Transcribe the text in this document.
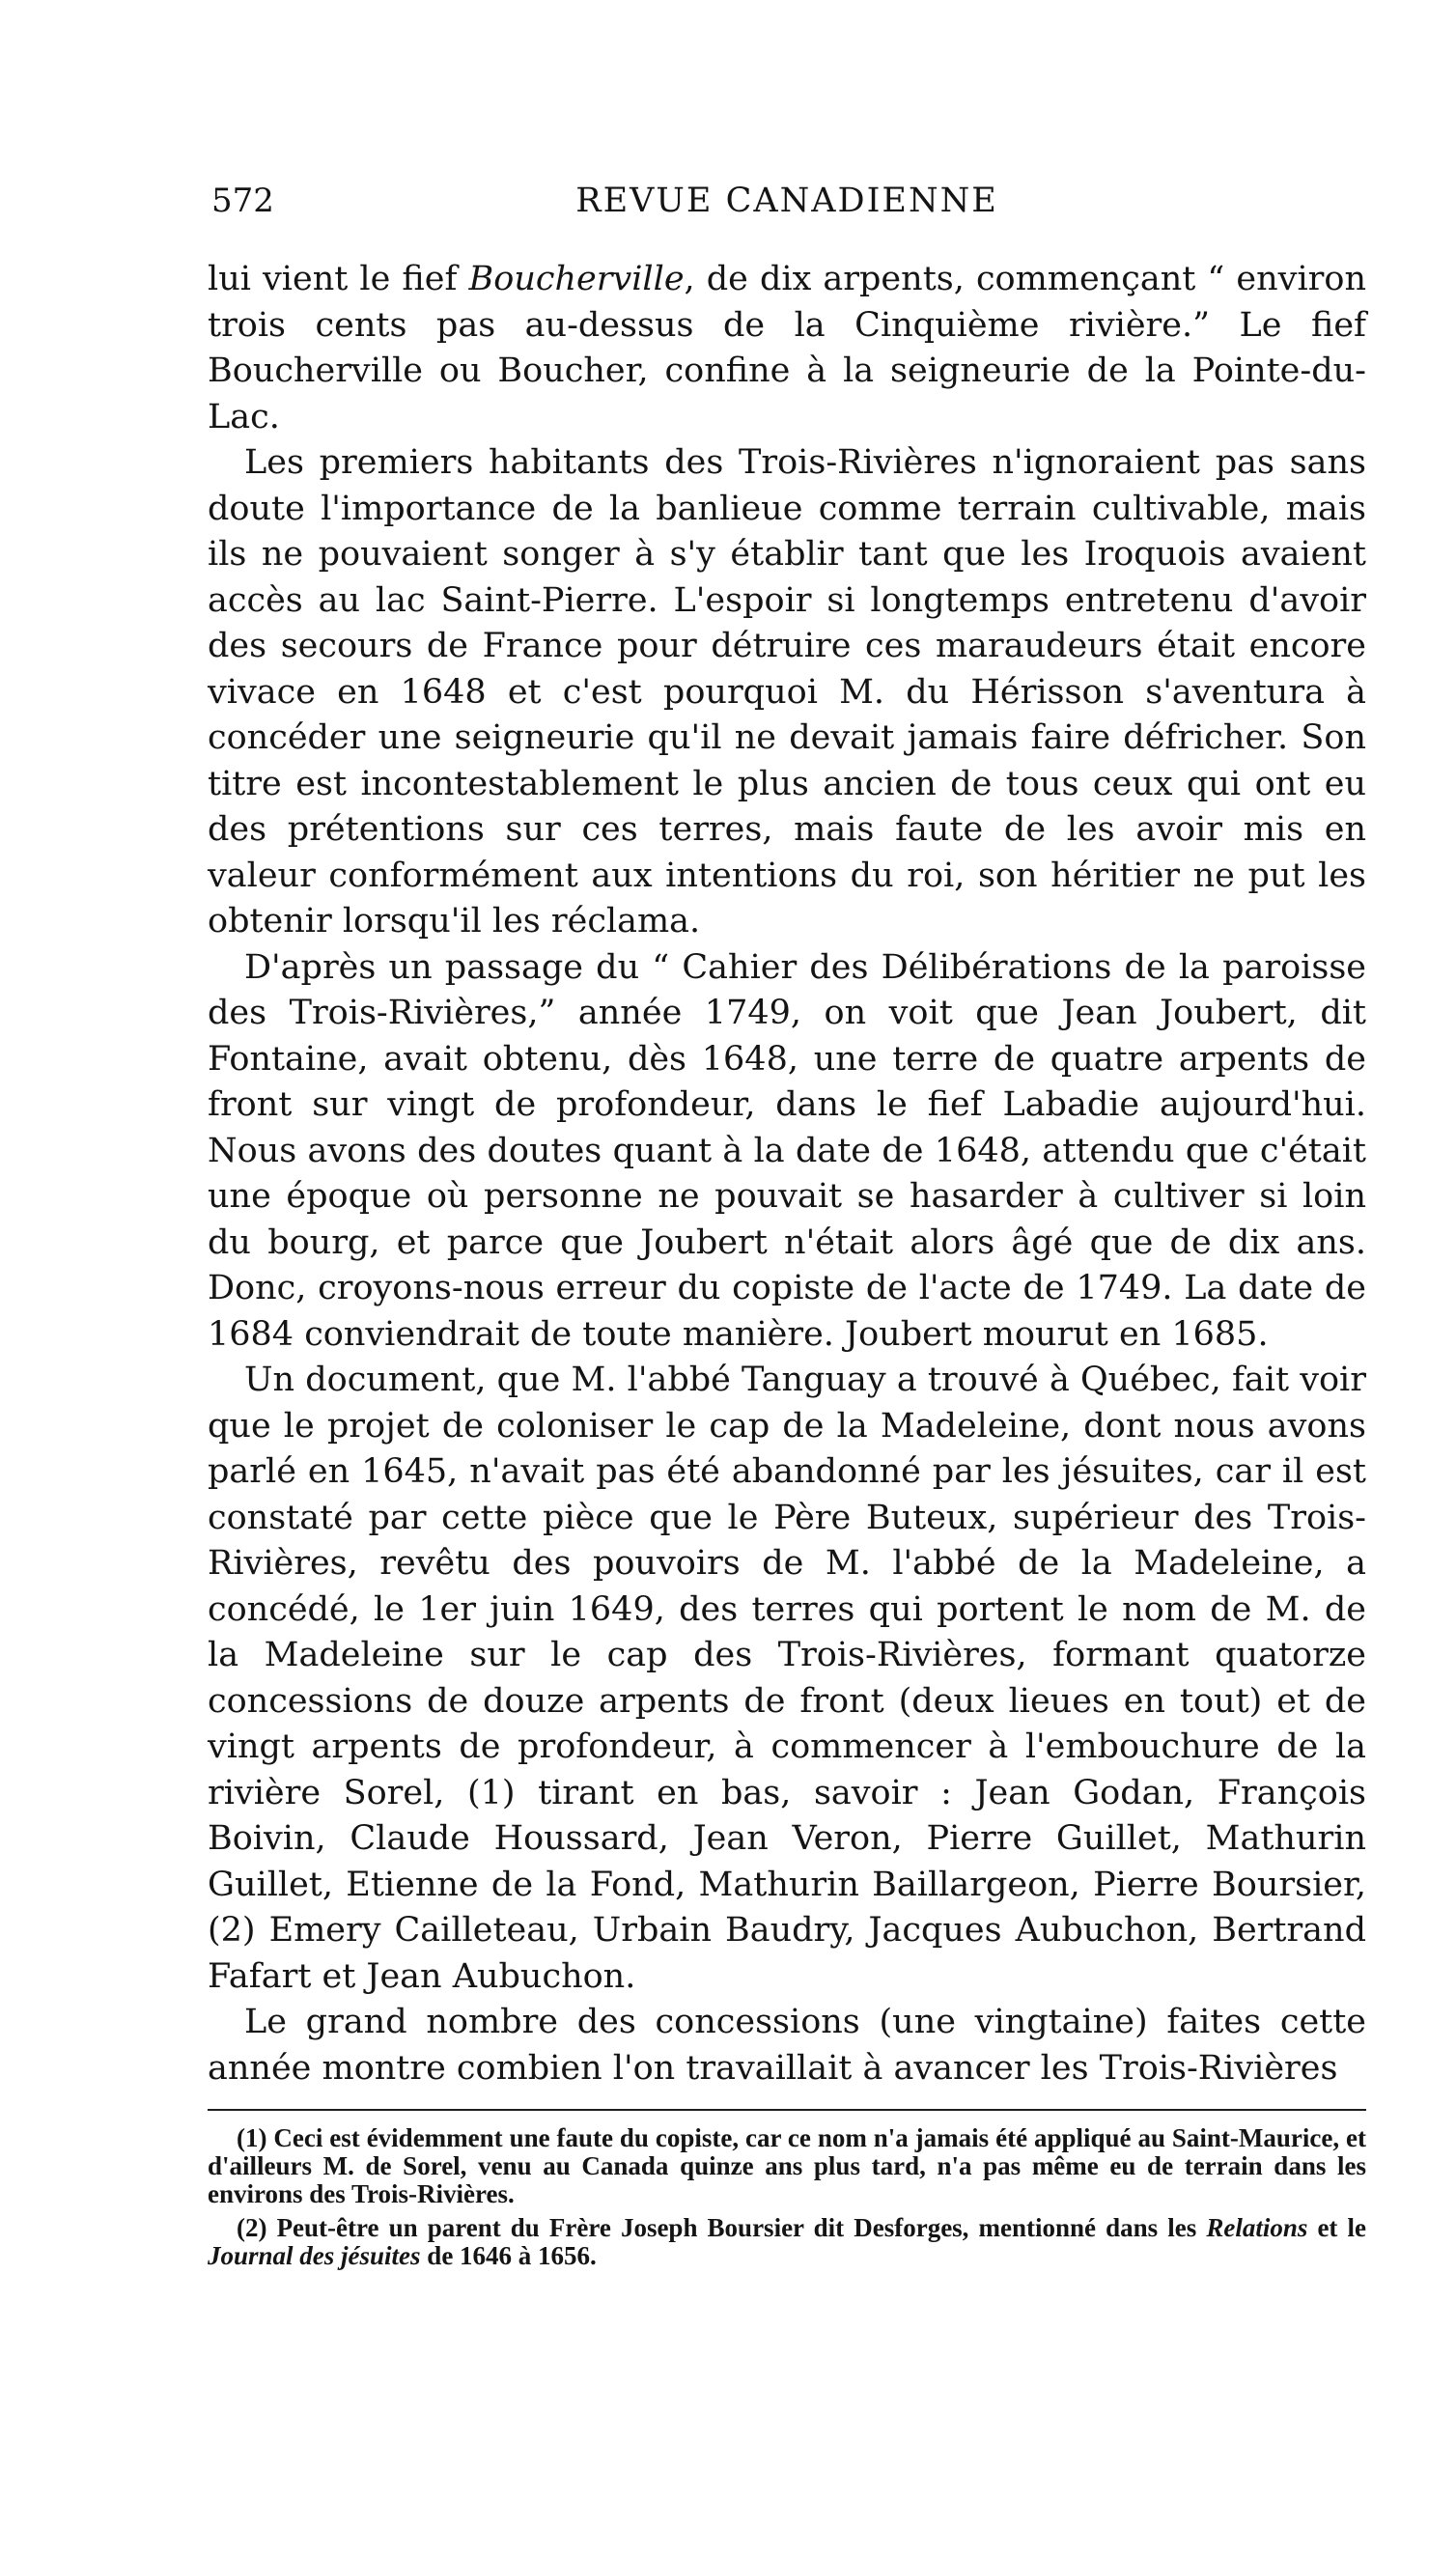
572	REVUE CANADIENNE

lui vient le fief Boucherville, de dix arpents, commençant “ environ trois cents pas au-dessus de la Cinquième rivière.” Le fief Boucherville ou Boucher, confine à la seigneurie de la Pointe-du-Lac.

Les premiers habitants des Trois-Rivières n'ignoraient pas sans doute l'importance de la banlieue comme terrain cultivable, mais ils ne pouvaient songer à s'y établir tant que les Iroquois avaient accès au lac Saint-Pierre. L'espoir si longtemps entretenu d'avoir des secours de France pour détruire ces maraudeurs était encore vivace en 1648 et c'est pourquoi M. du Hérisson s'aventura à concéder une seigneurie qu'il ne devait jamais faire défricher. Son titre est incontestablement le plus ancien de tous ceux qui ont eu des prétentions sur ces terres, mais faute de les avoir mis en valeur conformément aux intentions du roi, son héritier ne put les obtenir lorsqu'il les réclama.

D'après un passage du “ Cahier des Délibérations de la paroisse des Trois-Rivières,” année 1749, on voit que Jean Joubert, dit Fontaine, avait obtenu, dès 1648, une terre de quatre arpents de front sur vingt de profondeur, dans le fief Labadie aujourd'hui. Nous avons des doutes quant à la date de 1648, attendu que c'était une époque où personne ne pouvait se hasarder à cultiver si loin du bourg, et parce que Joubert n'était alors âgé que de dix ans. Donc, croyons-nous erreur du copiste de l'acte de 1749. La date de 1684 conviendrait de toute manière. Joubert mourut en 1685.

Un document, que M. l'abbé Tanguay a trouvé à Québec, fait voir que le projet de coloniser le cap de la Madeleine, dont nous avons parlé en 1645, n'avait pas été abandonné par les jésuites, car il est constaté par cette pièce que le Père Buteux, supérieur des Trois-Rivières, revêtu des pouvoirs de M. l'abbé de la Madeleine, a concédé, le 1er juin 1649, des terres qui portent le nom de M. de la Madeleine sur le cap des Trois-Rivières, formant quatorze concessions de douze arpents de front (deux lieues en tout) et de vingt arpents de profondeur, à commencer à l'embouchure de la rivière Sorel, (1) tirant en bas, savoir : Jean Godan, François Boivin, Claude Houssard, Jean Veron, Pierre Guillet, Mathurin Guillet, Etienne de la Fond, Mathurin Baillargeon, Pierre Boursier, (2) Emery Cailleteau, Urbain Baudry, Jacques Aubuchon, Bertrand Fafart et Jean Aubuchon.

Le grand nombre des concessions (une vingtaine) faites cette année montre combien l'on travaillait à avancer les Trois-Rivières

(1) Ceci est évidemment une faute du copiste, car ce nom n'a jamais été appliqué au Saint-Maurice, et d'ailleurs M. de Sorel, venu au Canada quinze ans plus tard, n'a pas même eu de terrain dans les environs des Trois-Rivières.

(2) Peut-être un parent du Frère Joseph Boursier dit Desforges, mentionné dans les Relations et le Journal des jésuites de 1646 à 1656.
